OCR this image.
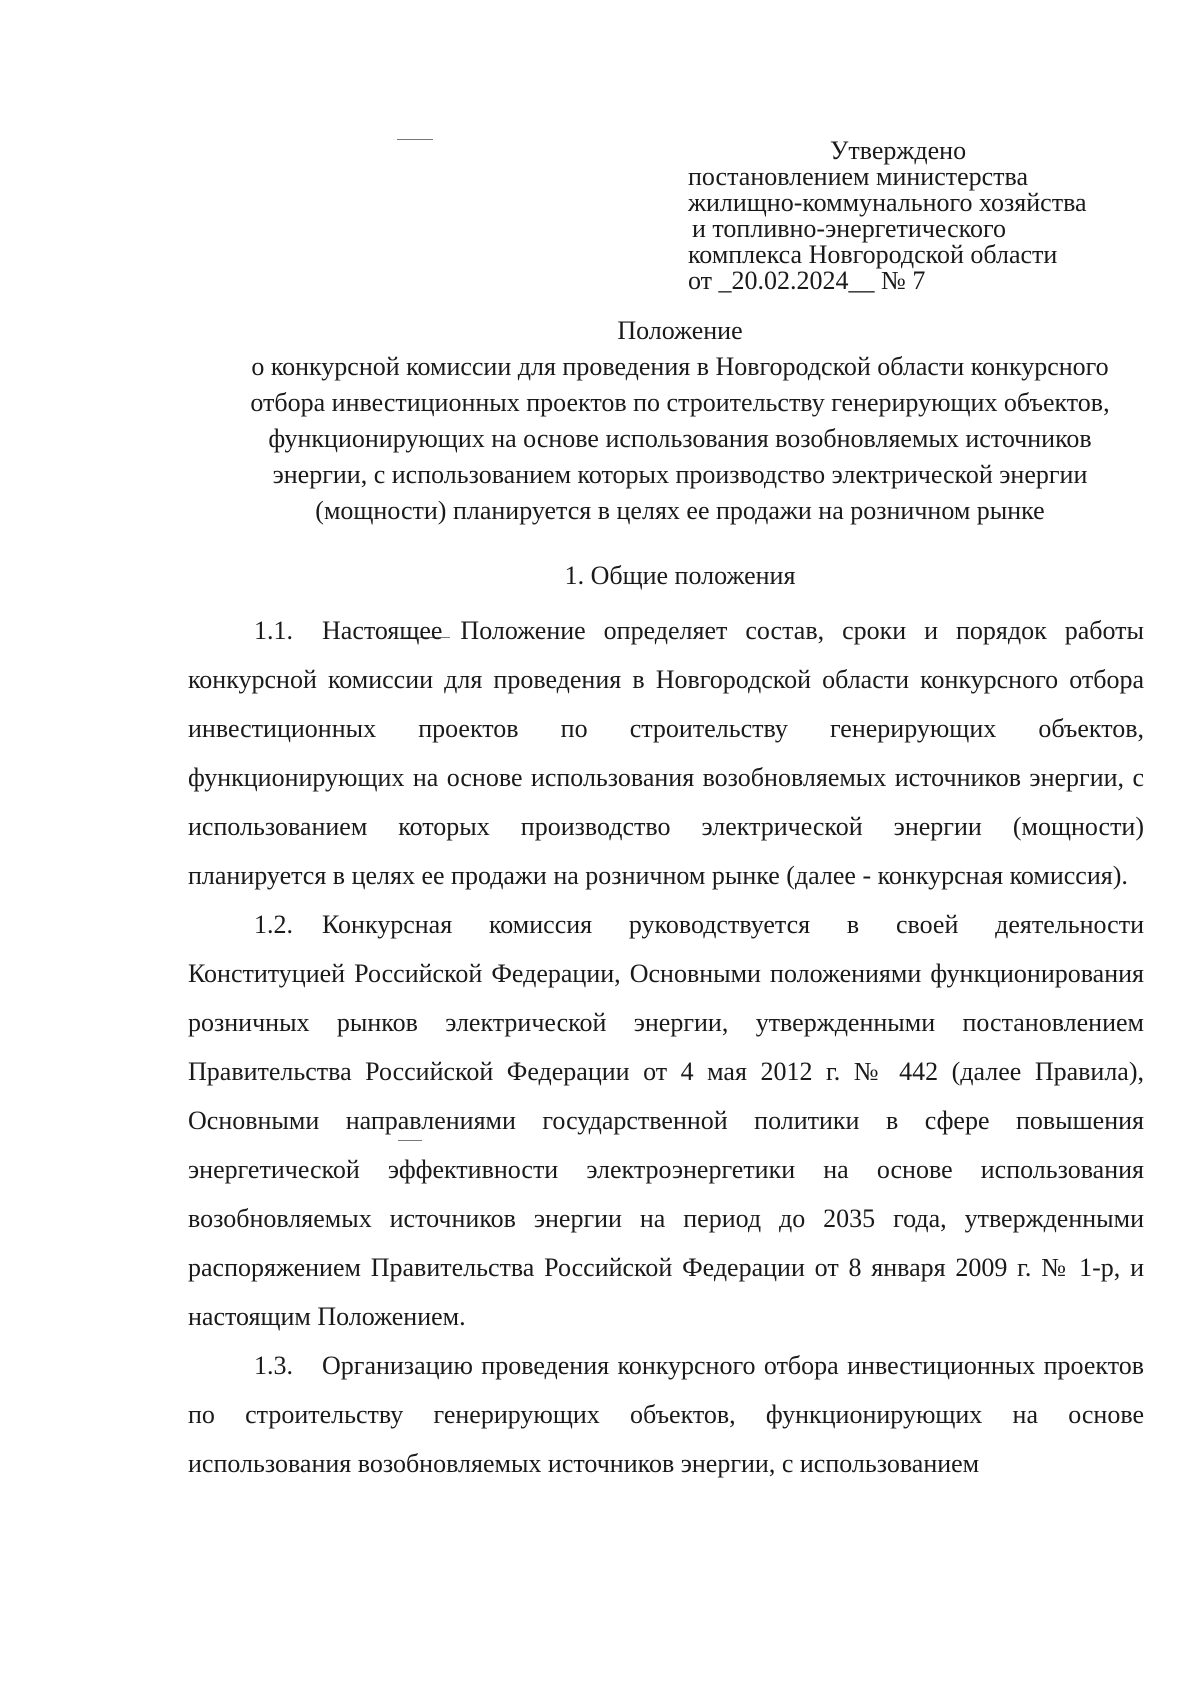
Утверждено
постановлением министерства
жилищно-коммунального хозяйства
и топливно-энергетического
комплекса Новгородской области
от _20.02.2024__ № 7
Положение
о конкурсной комиссии для проведения в Новгородской области конкурсного
отбора инвестиционных проектов по строительству генерирующих объектов,
функционирующих на основе использования возобновляемых источников
энергии, с использованием которых производство электрической энергии
(мощности) планируется в целях ее продажи на розничном рынке
1. Общие положения

1.1. Настоящее Положение определяет состав, сроки и порядок работы конкурсной комиссии для проведения в Новгородской области конкурсного отбора инвестиционных проектов по строительству генерирующих объектов, функционирующих на основе использования возобновляемых источников энергии, с использованием которых производство электрической энергии (мощности) планируется в целях ее продажи на розничном рынке (далее - конкурсная комиссия).

1.2. Конкурсная комиссия руководствуется в своей деятельности Конституцией Российской Федерации, Основными положениями функционирования розничных рынков электрической энергии, утвержденными постановлением Правительства Российской Федерации от 4 мая 2012 г. № 442 (далее Правила), Основными направлениями государственной политики в сфере повышения энергетической эффективности электроэнергетики на основе использования возобновляемых источников энергии на период до 2035 года, утвержденными распоряжением Правительства Российской Федерации от 8 января 2009 г. № 1-р, и настоящим Положением.

1.3. Организацию проведения конкурсного отбора инвестиционных проектов по строительству генерирующих объектов, функционирующих на основе использования возобновляемых источников энергии, с использованием
